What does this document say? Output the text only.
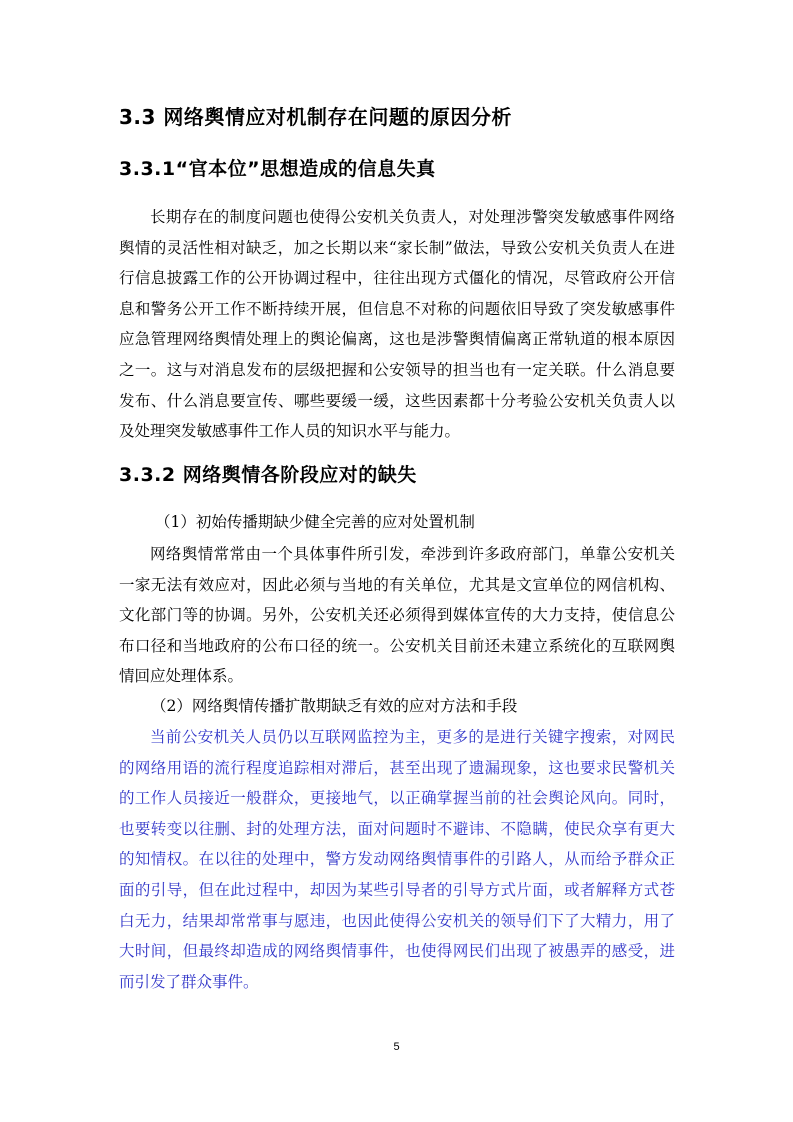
3.3 网络舆情应对机制存在问题的原因分析
3.3.1“官本位”思想造成的信息失真
长期存在的制度问题也使得公安机关负责人，对处理涉警突发敏感事件网络舆情的灵活性相对缺乏，加之长期以来“家长制”做法，导致公安机关负责人在进行信息披露工作的公开协调过程中，往往出现方式僵化的情况，尽管政府公开信息和警务公开工作不断持续开展，但信息不对称的问题依旧导致了突发敏感事件应急管理网络舆情处理上的舆论偏离，这也是涉警舆情偏离正常轨道的根本原因之一。这与对消息发布的层级把握和公安领导的担当也有一定关联。什么消息要发布、什么消息要宣传、哪些要缓一缓，这些因素都十分考验公安机关负责人以及处理突发敏感事件工作人员的知识水平与能力。
3.3.2 网络舆情各阶段应对的缺失
（1）初始传播期缺少健全完善的应对处置机制
网络舆情常常由一个具体事件所引发，牵涉到许多政府部门，单靠公安机关一家无法有效应对，因此必须与当地的有关单位，尤其是文宣单位的网信机构、文化部门等的协调。另外，公安机关还必须得到媒体宣传的大力支持，使信息公布口径和当地政府的公布口径的统一。公安机关目前还未建立系统化的互联网舆情回应处理体系。
（2）网络舆情传播扩散期缺乏有效的应对方法和手段
当前公安机关人员仍以互联网监控为主，更多的是进行关键字搜索，对网民的网络用语的流行程度追踪相对滞后，甚至出现了遗漏现象，这也要求民警机关的工作人员接近一般群众，更接地气，以正确掌握当前的社会舆论风向。同时，也要转变以往删、封的处理方法，面对问题时不避讳、不隐瞒，使民众享有更大的知情权。在以往的处理中，警方发动网络舆情事件的引路人，从而给予群众正面的引导，但在此过程中，却因为某些引导者的引导方式片面，或者解释方式苍白无力，结果却常常事与愿违，也因此使得公安机关的领导们下了大精力，用了大时间，但最终却造成的网络舆情事件，也使得网民们出现了被愚弄的感受，进而引发了群众事件。
5
